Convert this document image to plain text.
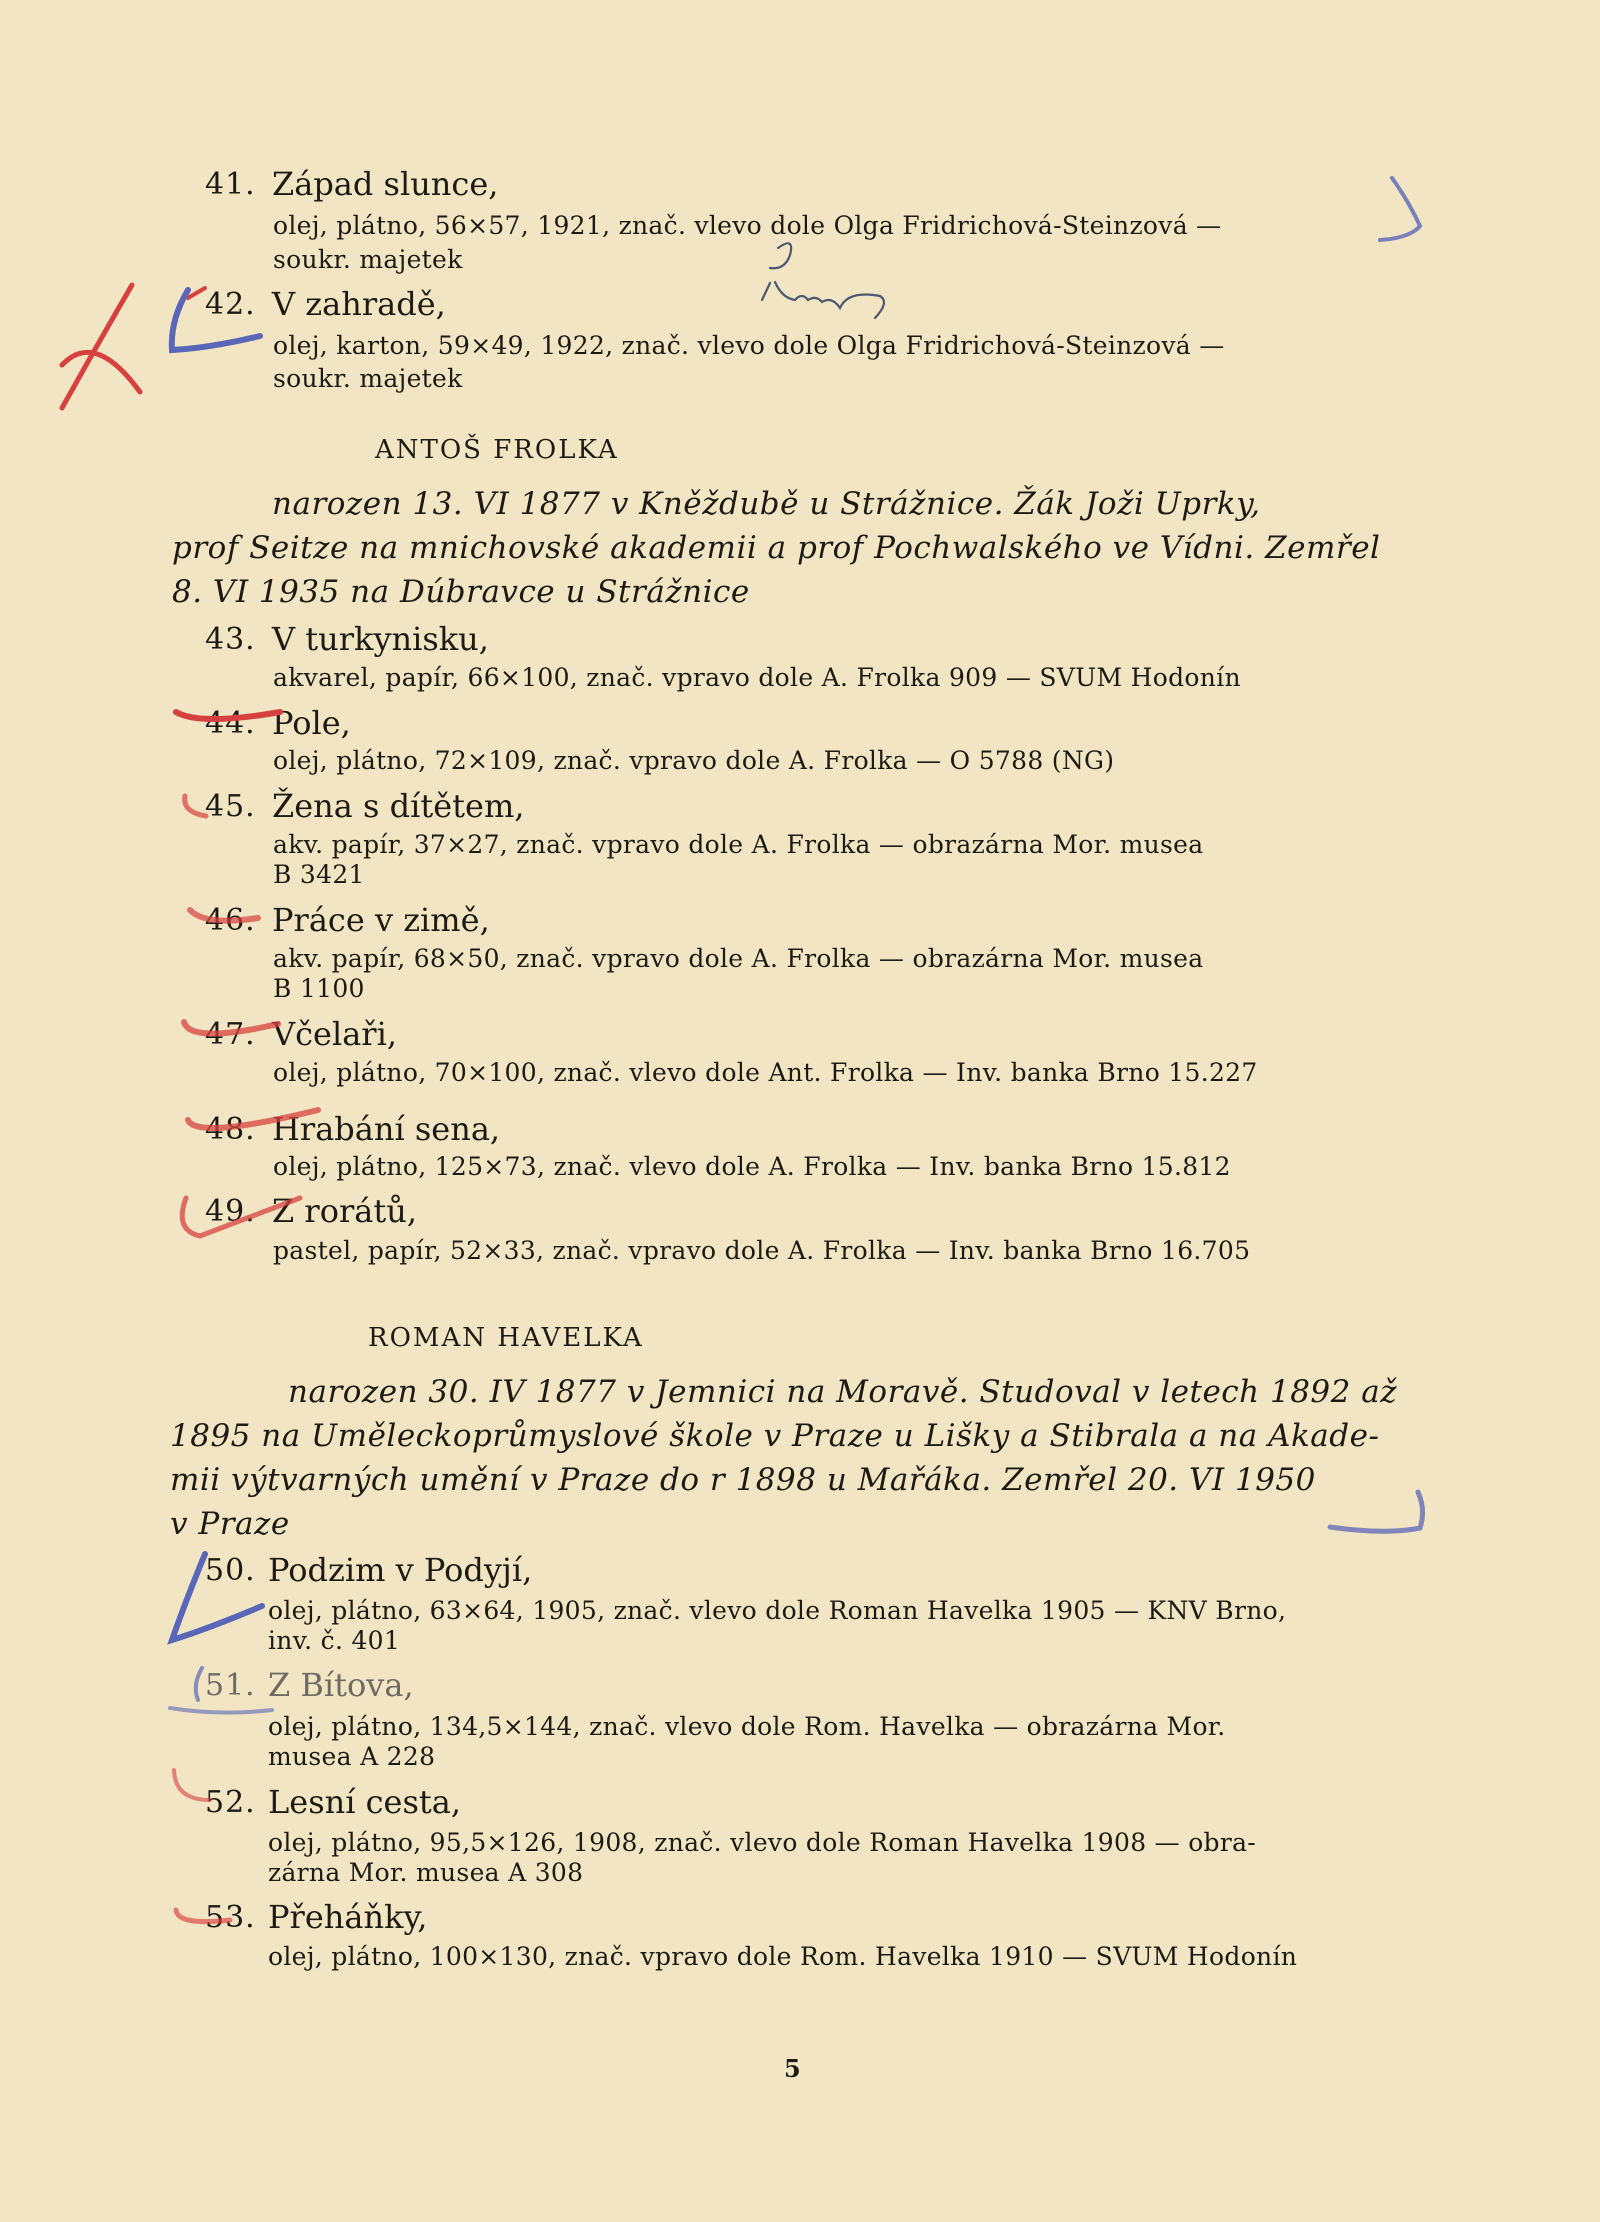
41. Západ slunce,
olej, plátno, 56×57, 1921, znač. vlevo dole Olga Fridrichová-Steinzová —
soukr. majetek
42. V zahradě,
olej, karton, 59×49, 1922, znač. vlevo dole Olga Fridrichová-Steinzová —
soukr. majetek
ANTOŠ FROLKA
narozen 13. VI 1877 v Kněždubě u Strážnice. Žák Joži Uprky,
prof Seitze na mnichovské akademii a prof Pochwalského ve Vídni. Zemřel
8. VI 1935 na Dúbravce u Strážnice
43. V turkynisku,
akvarel, papír, 66×100, znač. vpravo dole A. Frolka 909 — SVUM Hodonín
44. Pole,
olej, plátno, 72×109, znač. vpravo dole A. Frolka — O 5788 (NG)
45. Žena s dítětem,
akv. papír, 37×27, znač. vpravo dole A. Frolka — obrazárna Mor. musea
B 3421
46. Práce v zimě,
akv. papír, 68×50, znač. vpravo dole A. Frolka — obrazárna Mor. musea
B 1100
47. Včelaři,
olej, plátno, 70×100, znač. vlevo dole Ant. Frolka — Inv. banka Brno 15.227
48. Hrabání sena,
olej, plátno, 125×73, znač. vlevo dole A. Frolka — Inv. banka Brno 15.812
49. Z rorátů,
pastel, papír, 52×33, znač. vpravo dole A. Frolka — Inv. banka Brno 16.705
ROMAN HAVELKA
narozen 30. IV 1877 v Jemnici na Moravě. Studoval v letech 1892 až
1895 na Uměleckoprůmyslové škole v Praze u Lišky a Stibrala a na Akade-
mii výtvarných umění v Praze do r 1898 u Mařáka. Zemřel 20. VI 1950
v Praze
50. Podzim v Podyjí,
olej, plátno, 63×64, 1905, znač. vlevo dole Roman Havelka 1905 — KNV Brno,
inv. č. 401
51. Z Bítova,
olej, plátno, 134,5×144, znač. vlevo dole Rom. Havelka — obrazárna Mor.
musea A 228
52. Lesní cesta,
olej, plátno, 95,5×126, 1908, znač. vlevo dole Roman Havelka 1908 — obra-
zárna Mor. musea A 308
53. Přeháňky,
olej, plátno, 100×130, znač. vpravo dole Rom. Havelka 1910 — SVUM Hodonín
5
